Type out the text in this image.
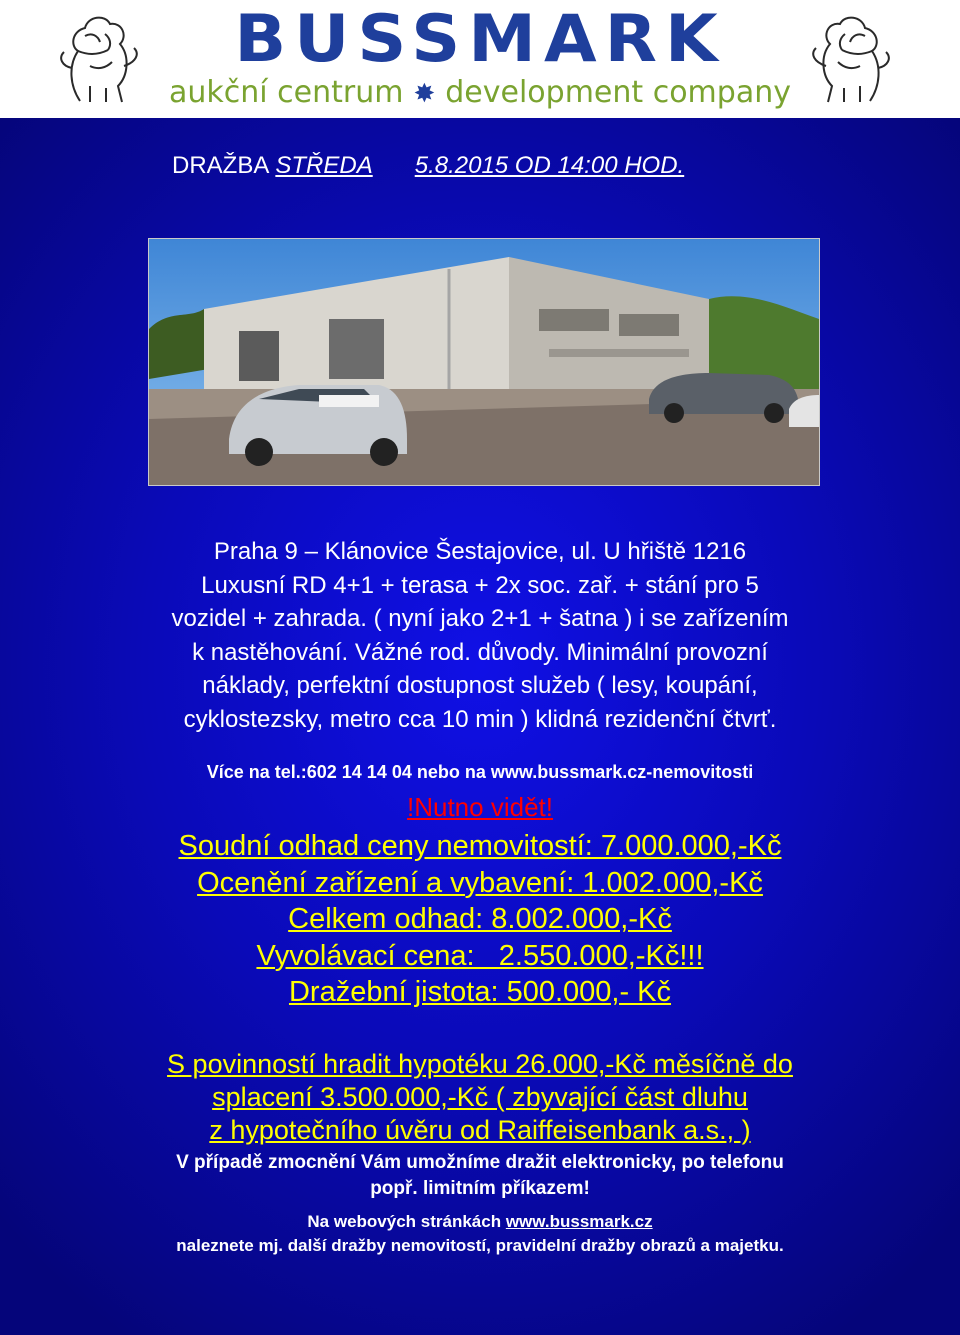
BUSSMARK
aukční centrum ✸ development company
DRAŽBA STŘEDA 5.8.2015 OD 14:00 HOD.
Praha 9 – Klánovice Šestajovice, ul. U hřiště 1216
Luxusní RD 4+1 + terasa + 2x soc. zař. + stání pro 5
vozidel + zahrada. ( nyní jako 2+1 + šatna ) i se zařízením
k nastěhování. Vážné rod. důvody. Minimální provozní
náklady, perfektní dostupnost služeb ( lesy, koupání,
cyklostezsky, metro cca 10 min ) klidná rezidenční čtvrť.
Více na tel.:602 14 14 04 nebo na www.bussmark.cz-nemovitosti
!Nutno vidět!
Soudní odhad ceny nemovitostí: 7.000.000,-Kč
Ocenění zařízení a vybavení: 1.002.000,-Kč
Celkem odhad: 8.002.000,-Kč
Vyvolávací cena:   2.550.000,-Kč!!!
Dražební jistota: 500.000,- Kč
S povinností hradit hypotéku 26.000,-Kč měsíčně do
splacení 3.500.000,-Kč ( zbyvající část dluhu
z hypotečního úvěru od Raiffeisenbank a.s., )
V případě zmocnění Vám umožníme dražit elektronicky, po telefonu
popř. limitním příkazem!
Na webových stránkách www.bussmark.cz
naleznete mj. další dražby nemovitostí, pravidelní dražby obrazů a majetku.
